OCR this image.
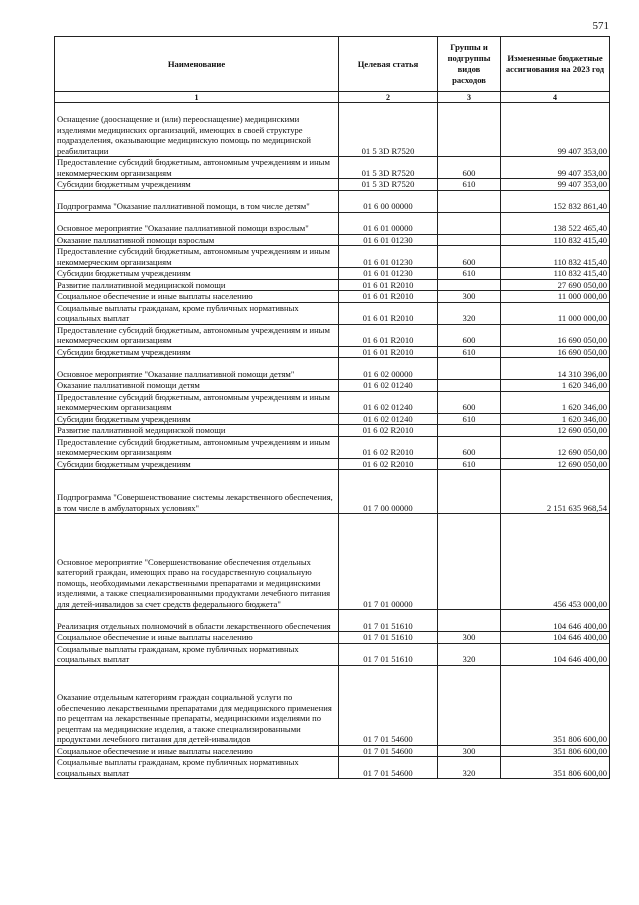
571
Наименование	Целевая статья	Группы и подгруппы видов расходов	Измененные бюджетные ассигнования на 2023 год
1	2	3	4
Оснащение (дооснащение и (или) переоснащение) медицинскими изделиями медицинских организаций, имеющих в своей структуре подразделения, оказывающие медицинскую помощь по медицинской реабилитации	01 5 3D R7520		99 407 353,00
Предоставление субсидий бюджетным, автономным учреждениям и иным некоммерческим организациям	01 5 3D R7520	600	99 407 353,00
Субсидии бюджетным учреждениям	01 5 3D R7520	610	99 407 353,00
Подпрограмма "Оказание паллиативной помощи, в том числе детям"	01 6 00 00000		152 832 861,40
Основное мероприятие "Оказание паллиативной помощи взрослым"	01 6 01 00000		138 522 465,40
Оказание паллиативной помощи взрослым	01 6 01 01230		110 832 415,40
Предоставление субсидий бюджетным, автономным учреждениям и иным некоммерческим организациям	01 6 01 01230	600	110 832 415,40
Субсидии бюджетным учреждениям	01 6 01 01230	610	110 832 415,40
Развитие паллиативной медицинской помощи	01 6 01 R2010		27 690 050,00
Социальное обеспечение и иные выплаты населению	01 6 01 R2010	300	11 000 000,00
Социальные выплаты гражданам, кроме публичных нормативных социальных выплат	01 6 01 R2010	320	11 000 000,00
Предоставление субсидий бюджетным, автономным учреждениям и иным некоммерческим организациям	01 6 01 R2010	600	16 690 050,00
Субсидии бюджетным учреждениям	01 6 01 R2010	610	16 690 050,00
Основное мероприятие "Оказание паллиативной помощи детям"	01 6 02 00000		14 310 396,00
Оказание паллиативной помощи детям	01 6 02 01240		1 620 346,00
Предоставление субсидий бюджетным, автономным учреждениям и иным некоммерческим организациям	01 6 02 01240	600	1 620 346,00
Субсидии бюджетным учреждениям	01 6 02 01240	610	1 620 346,00
Развитие паллиативной медицинской помощи	01 6 02 R2010		12 690 050,00
Предоставление субсидий бюджетным, автономным учреждениям и иным некоммерческим организациям	01 6 02 R2010	600	12 690 050,00
Субсидии бюджетным учреждениям	01 6 02 R2010	610	12 690 050,00
Подпрограмма "Совершенствование системы лекарственного обеспечения, в том числе в амбулаторных условиях"	01 7 00 00000		2 151 635 968,54
Основное мероприятие "Совершенствование обеспечения отдельных категорий граждан, имеющих право на государственную социальную помощь, необходимыми лекарственными препаратами и медицинскими изделиями, а также специализированными продуктами лечебного питания для детей-инвалидов за счет средств федерального бюджета"	01 7 01 00000		456 453 000,00
Реализация отдельных полномочий в области лекарственного обеспечения	01 7 01 51610		104 646 400,00
Социальное обеспечение и иные выплаты населению	01 7 01 51610	300	104 646 400,00
Социальные выплаты гражданам, кроме публичных нормативных социальных выплат	01 7 01 51610	320	104 646 400,00
Оказание отдельным категориям граждан социальной услуги по обеспечению лекарственными препаратами для медицинского применения по рецептам на лекарственные препараты, медицинскими изделиями по рецептам на медицинские изделия, а также специализированными продуктами лечебного питания для детей-инвалидов	01 7 01 54600		351 806 600,00
Социальное обеспечение и иные выплаты населению	01 7 01 54600	300	351 806 600,00
Социальные выплаты гражданам, кроме публичных нормативных социальных выплат	01 7 01 54600	320	351 806 600,00
